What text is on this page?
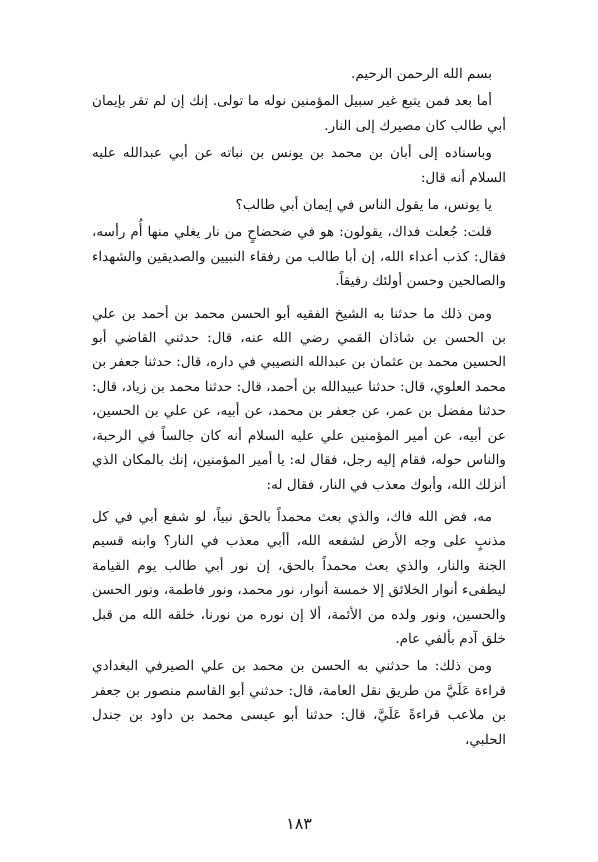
بسم الله الرحمن الرحيم.

أما بعد فمن يتبع غير سبيل المؤمنين نوله ما تولى. إنك إن لم تقر بإيمان أبي طالب كان مصيرك إلى النار.

وباسناده إلى أبان بن محمد بن يونس بن نباته عن أبي عبدالله عليه السلام أنه قال:

يا يونس، ما يقول الناس في إيمان أبي طالب؟

قلت: جُعلت فداك، يقولون: هو في ضحضاحٍ من نار يغلي منها أُم رأسه، فقال: كذب أعداء الله، إن أبا طالب من رفقاء النبيين والصديقين والشهداء والصالحين وحسن أولئك رفيقاً.

ومن ذلك ما حدثنا به الشيخ الفقيه أبو الحسن محمد بن أحمد بن علي بن الحسن بن شاذان القمي رضي الله عنه، قال: حدثني القاضي أبو الحسين محمد بن عثمان بن عبدالله النصيبي في داره، قال: حدثنا جعفر بن محمد العلوي، قال: حدثنا عبيدالله بن أحمد، قال: حدثنا محمد بن زياد، قال: حدثنا مفضل بن عمر، عن جعفر بن محمد، عن أبيه، عن علي بن الحسين، عن أبيه، عن أمير المؤمنين علي عليه السلام أنه كان جالساً في الرحبة، والناس حوله، فقام إليه رجل، فقال له: يا أمير المؤمنين، إنك بالمكان الذي أنزلك الله، وأبوك معذب في النار، فقال له:

مه، فض الله فاك، والذي بعث محمداً بالحق نبياً، لو شفع أبي في كل مذنبٍ على وجه الأرض لشفعه الله، أأبي معذب في النار؟ وابنه قسيم الجنة والنار، والذي بعث محمداً بالحق، إن نور أبي طالب يوم القيامة ليطفىء أنوار الخلائق إلا خمسة أنوار، نور محمد، ونور فاطمة، ونور الحسن والحسين، ونور ولده من الأئمة، ألا إن نوره من نورنا، خلقه الله من قبل خلق آدم بألفي عام.

ومن ذلك: ما حدثني به الحسن بن محمد بن علي الصيرفي البغدادي قراءة عَلَيَّ من طريق نقل العامة، قال: حدثني أبو القاسم منصور بن جعفر بن ملاعب قراءةً عَلَيَّ، قال: حدثنا أبو عيسى محمد بن داود بن جندل الحلبي،

١٨٣
